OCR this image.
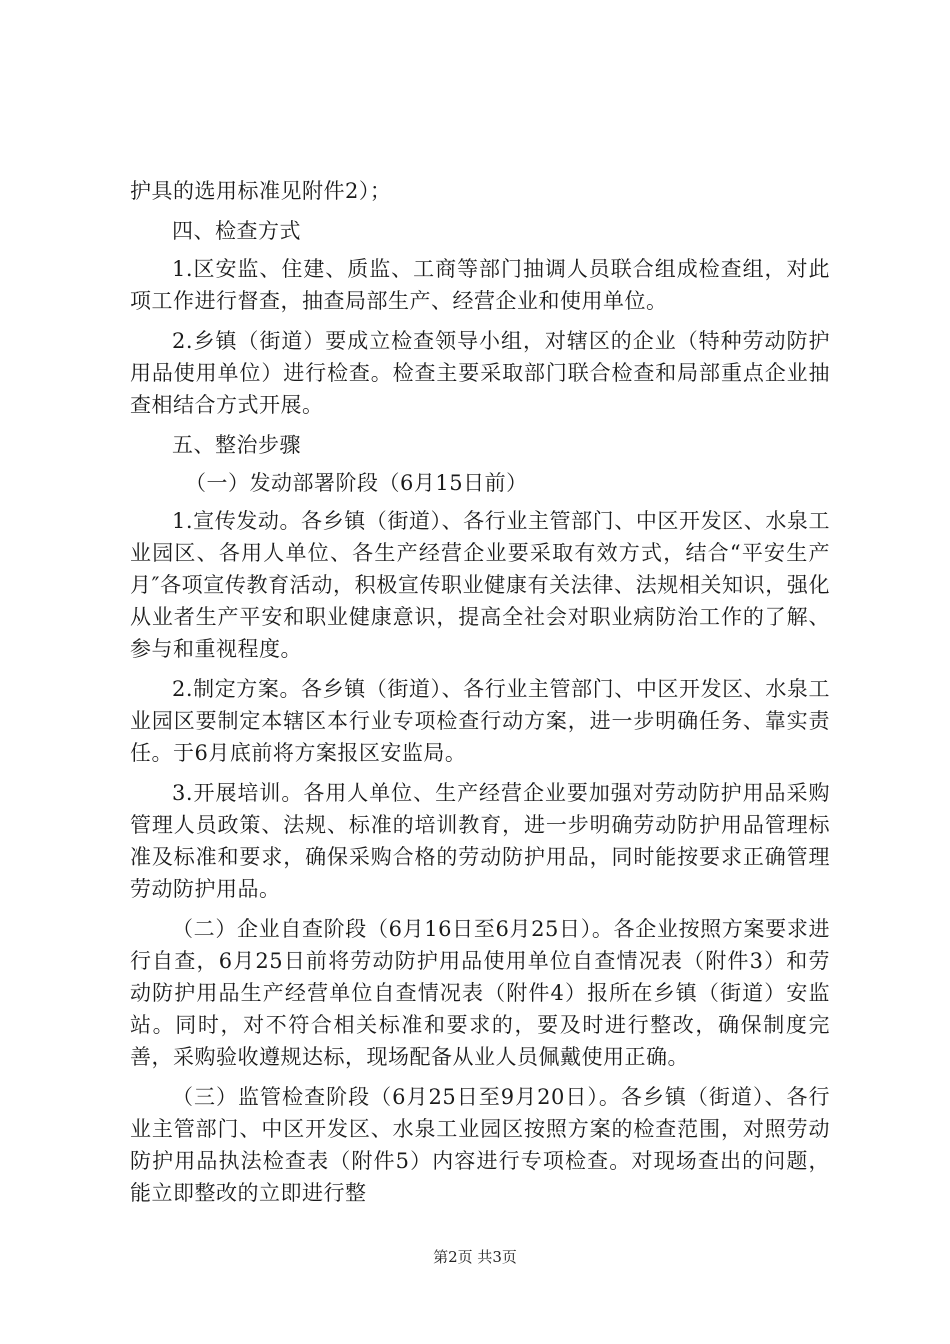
护具的选用标准见附件2）；

四、检查方式

1.区安监、住建、质监、工商等部门抽调人员联合组成检查组，对此项工作进行督查，抽查局部生产、经营企业和使用单位。

2.乡镇（街道）要成立检查领导小组，对辖区的企业（特种劳动防护用品使用单位）进行检查。检查主要采取部门联合检查和局部重点企业抽查相结合方式开展。

五、整治步骤

（一）发动部署阶段（6月15日前）

1.宣传发动。各乡镇（街道）、各行业主管部门、中区开发区、水泉工业园区、各用人单位、各生产经营企业要采取有效方式，结合“平安生产月″各项宣传教育活动，积极宣传职业健康有关法律、法规相关知识，强化从业者生产平安和职业健康意识，提高全社会对职业病防治工作的了解、参与和重视程度。

2.制定方案。各乡镇（街道）、各行业主管部门、中区开发区、水泉工业园区要制定本辖区本行业专项检查行动方案，进一步明确任务、靠实责任。于6月底前将方案报区安监局。

3.开展培训。各用人单位、生产经营企业要加强对劳动防护用品采购管理人员政策、法规、标准的培训教育，进一步明确劳动防护用品管理标准及标准和要求，确保采购合格的劳动防护用品，同时能按要求正确管理劳动防护用品。

（二）企业自查阶段（6月16日至6月25日）。各企业按照方案要求进行自查，6月25日前将劳动防护用品使用单位自查情况表（附件3）和劳动防护用品生产经营单位自查情况表（附件4）报所在乡镇（街道）安监站。同时，对不符合相关标准和要求的，要及时进行整改，确保制度完善，采购验收遵规达标，现场配备从业人员佩戴使用正确。

（三）监管检查阶段（6月25日至9月20日）。各乡镇（街道）、各行业主管部门、中区开发区、水泉工业园区按照方案的检查范围，对照劳动防护用品执法检查表（附件5）内容进行专项检查。对现场查出的问题，能立即整改的立即进行整

第2页 共3页
